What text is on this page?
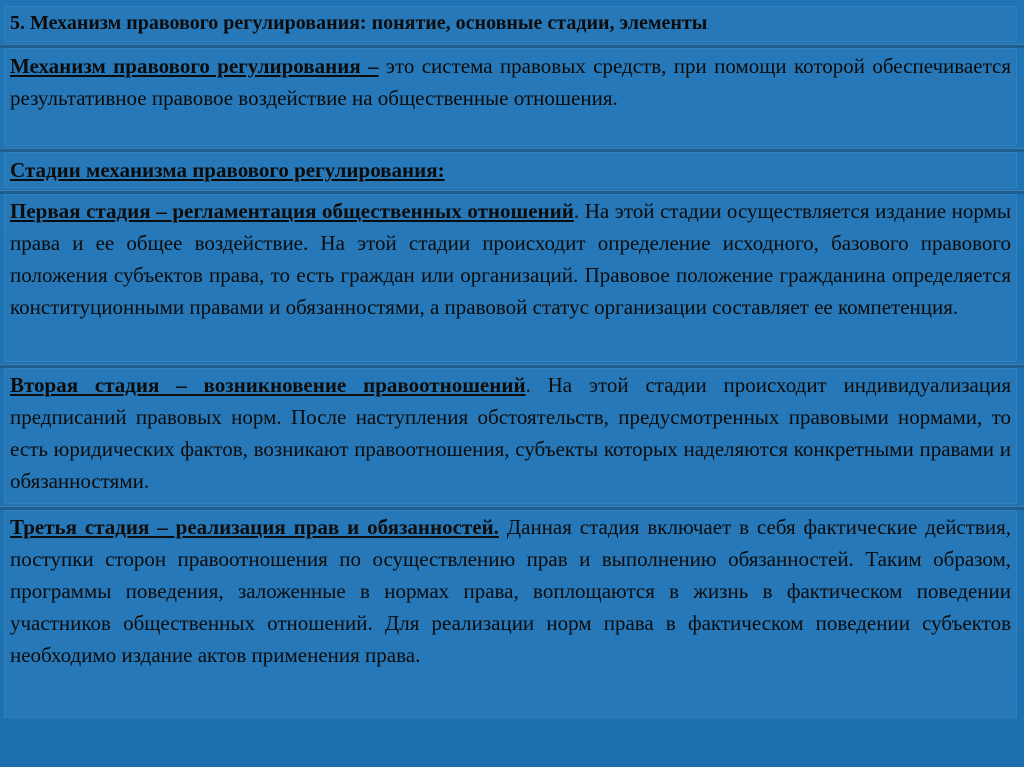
5. Механизм правового регулирования: понятие, основные стадии, элементы

Механизм правового регулирования – это система правовых средств, при помощи которой обеспечивается результативное правовое воздействие на общественные отношения.

Стадии механизма правового регулирования:

Первая стадия – регламентация общественных отношений. На этой стадии осуществляется издание нормы права и ее общее воздействие. На этой стадии происходит определение исходного, базового правового положения субъектов права, то есть граждан или организаций. Правовое положение гражданина определяется конституционными правами и обязанностями, а правовой статус организации составляет ее компетенция.

Вторая стадия – возникновение правоотношений. На этой стадии происходит индивидуализация предписаний правовых норм. После наступления обстоятельств, предусмотренных правовыми нормами, то есть юридических фактов, возникают правоотношения, субъекты которых наделяются конкретными правами и обязанностями.

Третья стадия – реализация прав и обязанностей. Данная стадия включает в себя фактические действия, поступки сторон правоотношения по осуществлению прав и выполнению обязанностей. Таким образом, программы поведения, заложенные в нормах права, воплощаются в жизнь в фактическом поведении участников общественных отношений. Для реализации норм права в фактическом поведении субъектов необходимо издание актов применения права.
